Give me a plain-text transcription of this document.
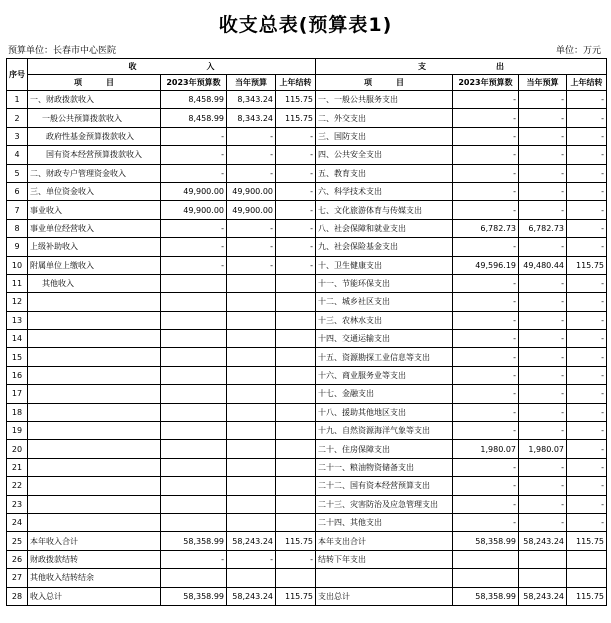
收支总表(预算表1)
预算单位：长春市中心医院	单位：万元
序号	收 入				支 出			
	项　　　目	2023年预算数	当年预算	上年结转	项　　　目	2023年预算数	当年预算	上年结转
1	一、财政拨款收入	8,458.99	8,343.24	115.75	一、一般公共服务支出	-	-	-
2	一般公共预算拨款收入	8,458.99	8,343.24	115.75	二、外交支出	-	-	-
3	政府性基金预算拨款收入	-	-	-	三、国防支出	-	-	-
4	国有资本经营预算拨款收入	-	-	-	四、公共安全支出	-	-	-
5	二、财政专户管理资金收入	-	-	-	五、教育支出	-	-	-
6	三、单位资金收入	49,900.00	49,900.00	-	六、科学技术支出	-	-	-
7	事业收入	49,900.00	49,900.00	-	七、文化旅游体育与传媒支出	-	-	-
8	事业单位经营收入	-	-	-	八、社会保障和就业支出	6,782.73	6,782.73	-
9	上级补助收入	-	-	-	九、社会保险基金支出	-	-	-
10	附属单位上缴收入	-	-	-	十、卫生健康支出	49,596.19	49,480.44	115.75
11	其他收入				十一、节能环保支出	-	-	-
12					十二、城乡社区支出	-	-	-
13					十三、农林水支出	-	-	-
14					十四、交通运输支出	-	-	-
15					十五、资源勘探工业信息等支出	-	-	-
16					十六、商业服务业等支出	-	-	-
17					十七、金融支出	-	-	-
18					十八、援助其他地区支出	-	-	-
19					十九、自然资源海洋气象等支出	-	-	-
20					二十、住房保障支出	1,980.07	1,980.07	-
21					二十一、粮油物资储备支出	-	-	-
22					二十二、国有资本经营预算支出	-	-	-
23					二十三、灾害防治及应急管理支出	-	-	-
24					二十四、其他支出	-	-	-
25	本年收入合计	58,358.99	58,243.24	115.75	本年支出合计	58,358.99	58,243.24	115.75
26	财政拨款结转	-	-	-	结转下年支出			
27	其他收入结转结余							
28	收入总计	58,358.99	58,243.24	115.75	支出总计	58,358.99	58,243.24	115.75
